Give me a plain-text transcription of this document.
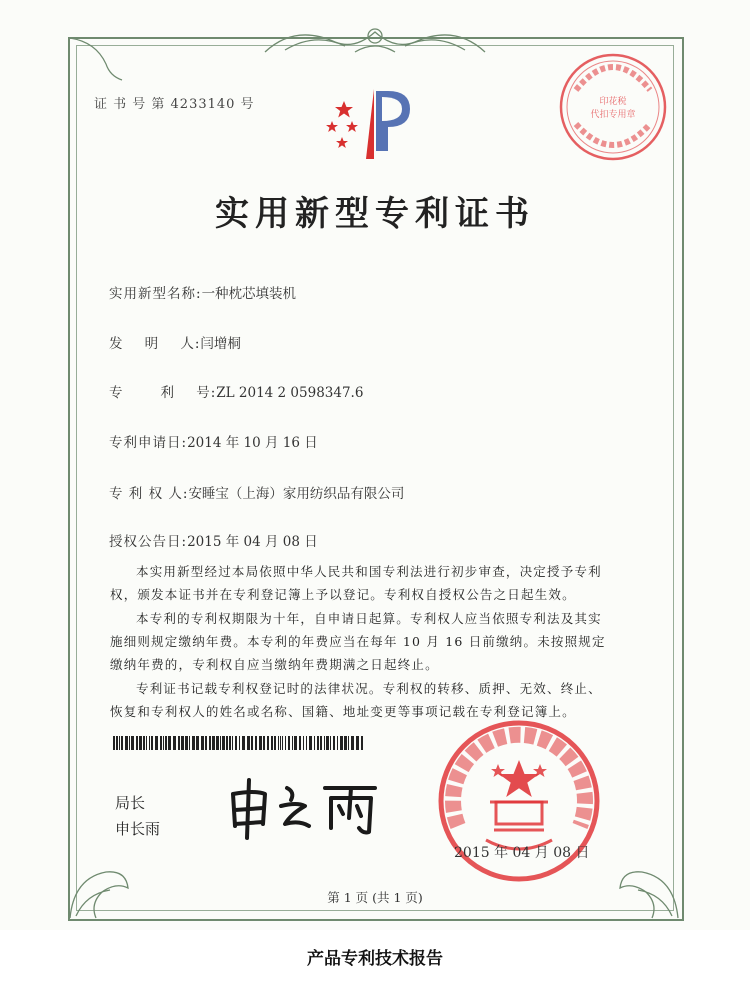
证 书 号 第 4233140 号	印花税
代扣专用章
实用新型专利证书
实用新型名称:一种枕芯填装机
发    明    人:闫增桐
专       利    号:ZL 2014 2 0598347.6
专利申请日:2014 年 10 月 16 日
专 利 权 人:安睡宝（上海）家用纺织品有限公司
授权公告日:2015 年 04 月 08 日
本实用新型经过本局依照中华人民共和国专利法进行初步审查，决定授予专利权，颁发本证书并在专利登记簿上予以登记。专利权自授权公告之日起生效。
本专利的专利权期限为十年，自申请日起算。专利权人应当依照专利法及其实施细则规定缴纳年费。本专利的年费应当在每年 10 月 16 日前缴纳。未按照规定缴纳年费的，专利权自应当缴纳年费期满之日起终止。
专利证书记载专利权登记时的法律状况。专利权的转移、质押、无效、终止、恢复和专利权人的姓名或名称、国籍、地址变更等事项记载在专利登记簿上。
局长
申长雨
2015 年 04 月 08 日
第 1 页 (共 1 页)
产品专利技术报告
